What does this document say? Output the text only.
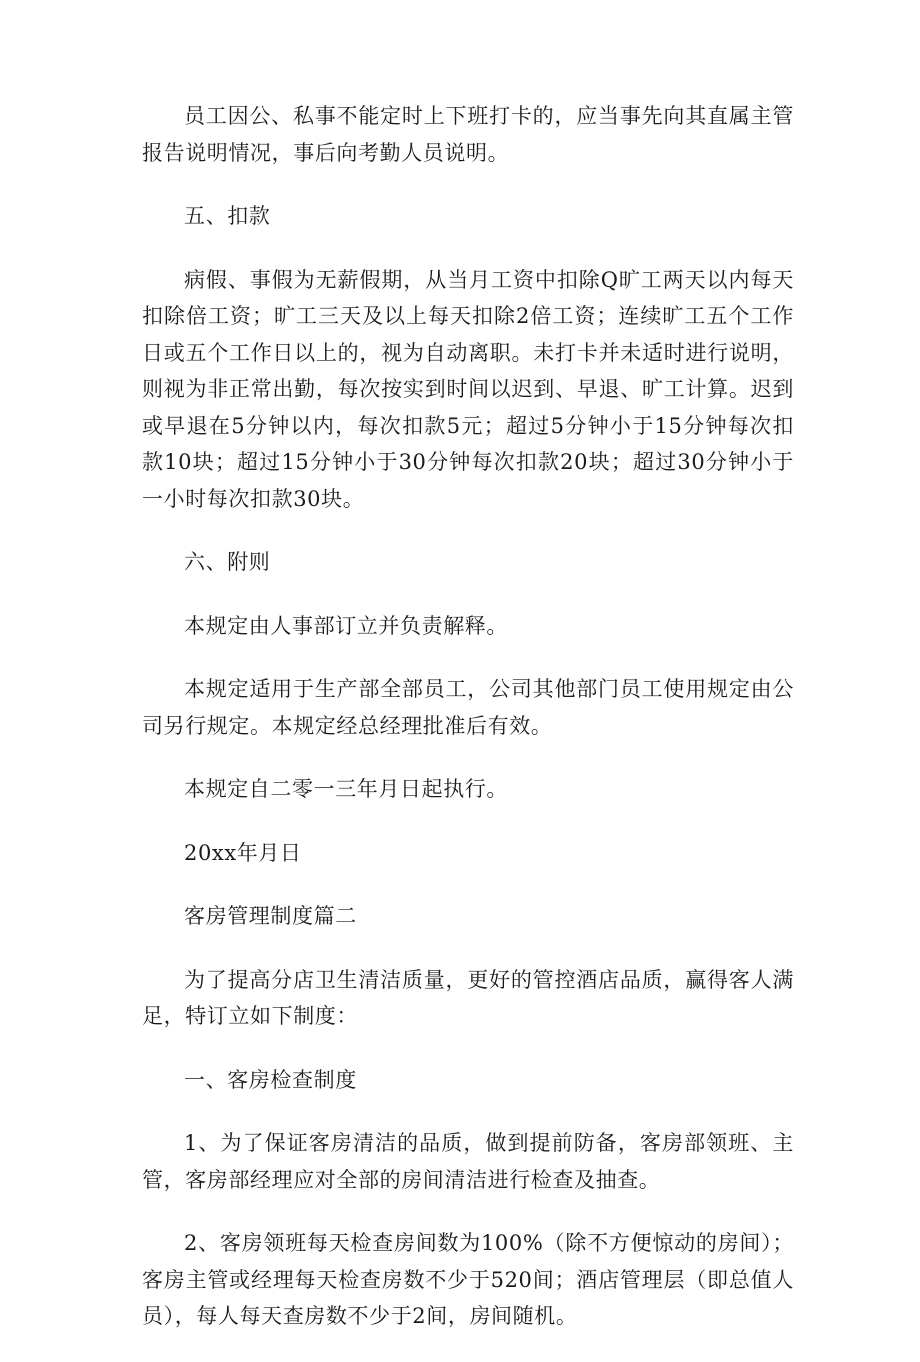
员工因公、私事不能定时上下班打卡的，应当事先向其直属主管报告说明情况，事后向考勤人员说明。

五、扣款

病假、事假为无薪假期，从当月工资中扣除Q旷工两天以内每天扣除倍工资；旷工三天及以上每天扣除2倍工资；连续旷工五个工作日或五个工作日以上的，视为自动离职。未打卡并未适时进行说明，则视为非正常出勤，每次按实到时间以迟到、早退、旷工计算。迟到或早退在5分钟以内，每次扣款5元；超过5分钟小于15分钟每次扣款10块；超过15分钟小于30分钟每次扣款20块；超过30分钟小于一小时每次扣款30块。

六、附则

本规定由人事部订立并负责解释。

本规定适用于生产部全部员工，公司其他部门员工使用规定由公司另行规定。本规定经总经理批准后有效。

本规定自二零一三年月日起执行。

20xx年月日

客房管理制度篇二

为了提高分店卫生清洁质量，更好的管控酒店品质，赢得客人满足，特订立如下制度：

一、客房检查制度

1、为了保证客房清洁的品质，做到提前防备，客房部领班、主管，客房部经理应对全部的房间清洁进行检查及抽查。

2、客房领班每天检查房间数为100%（除不方便惊动的房间）；客房主管或经理每天检查房数不少于520间；酒店管理层（即总值人员），每人每天查房数不少于2间，房间随机。
